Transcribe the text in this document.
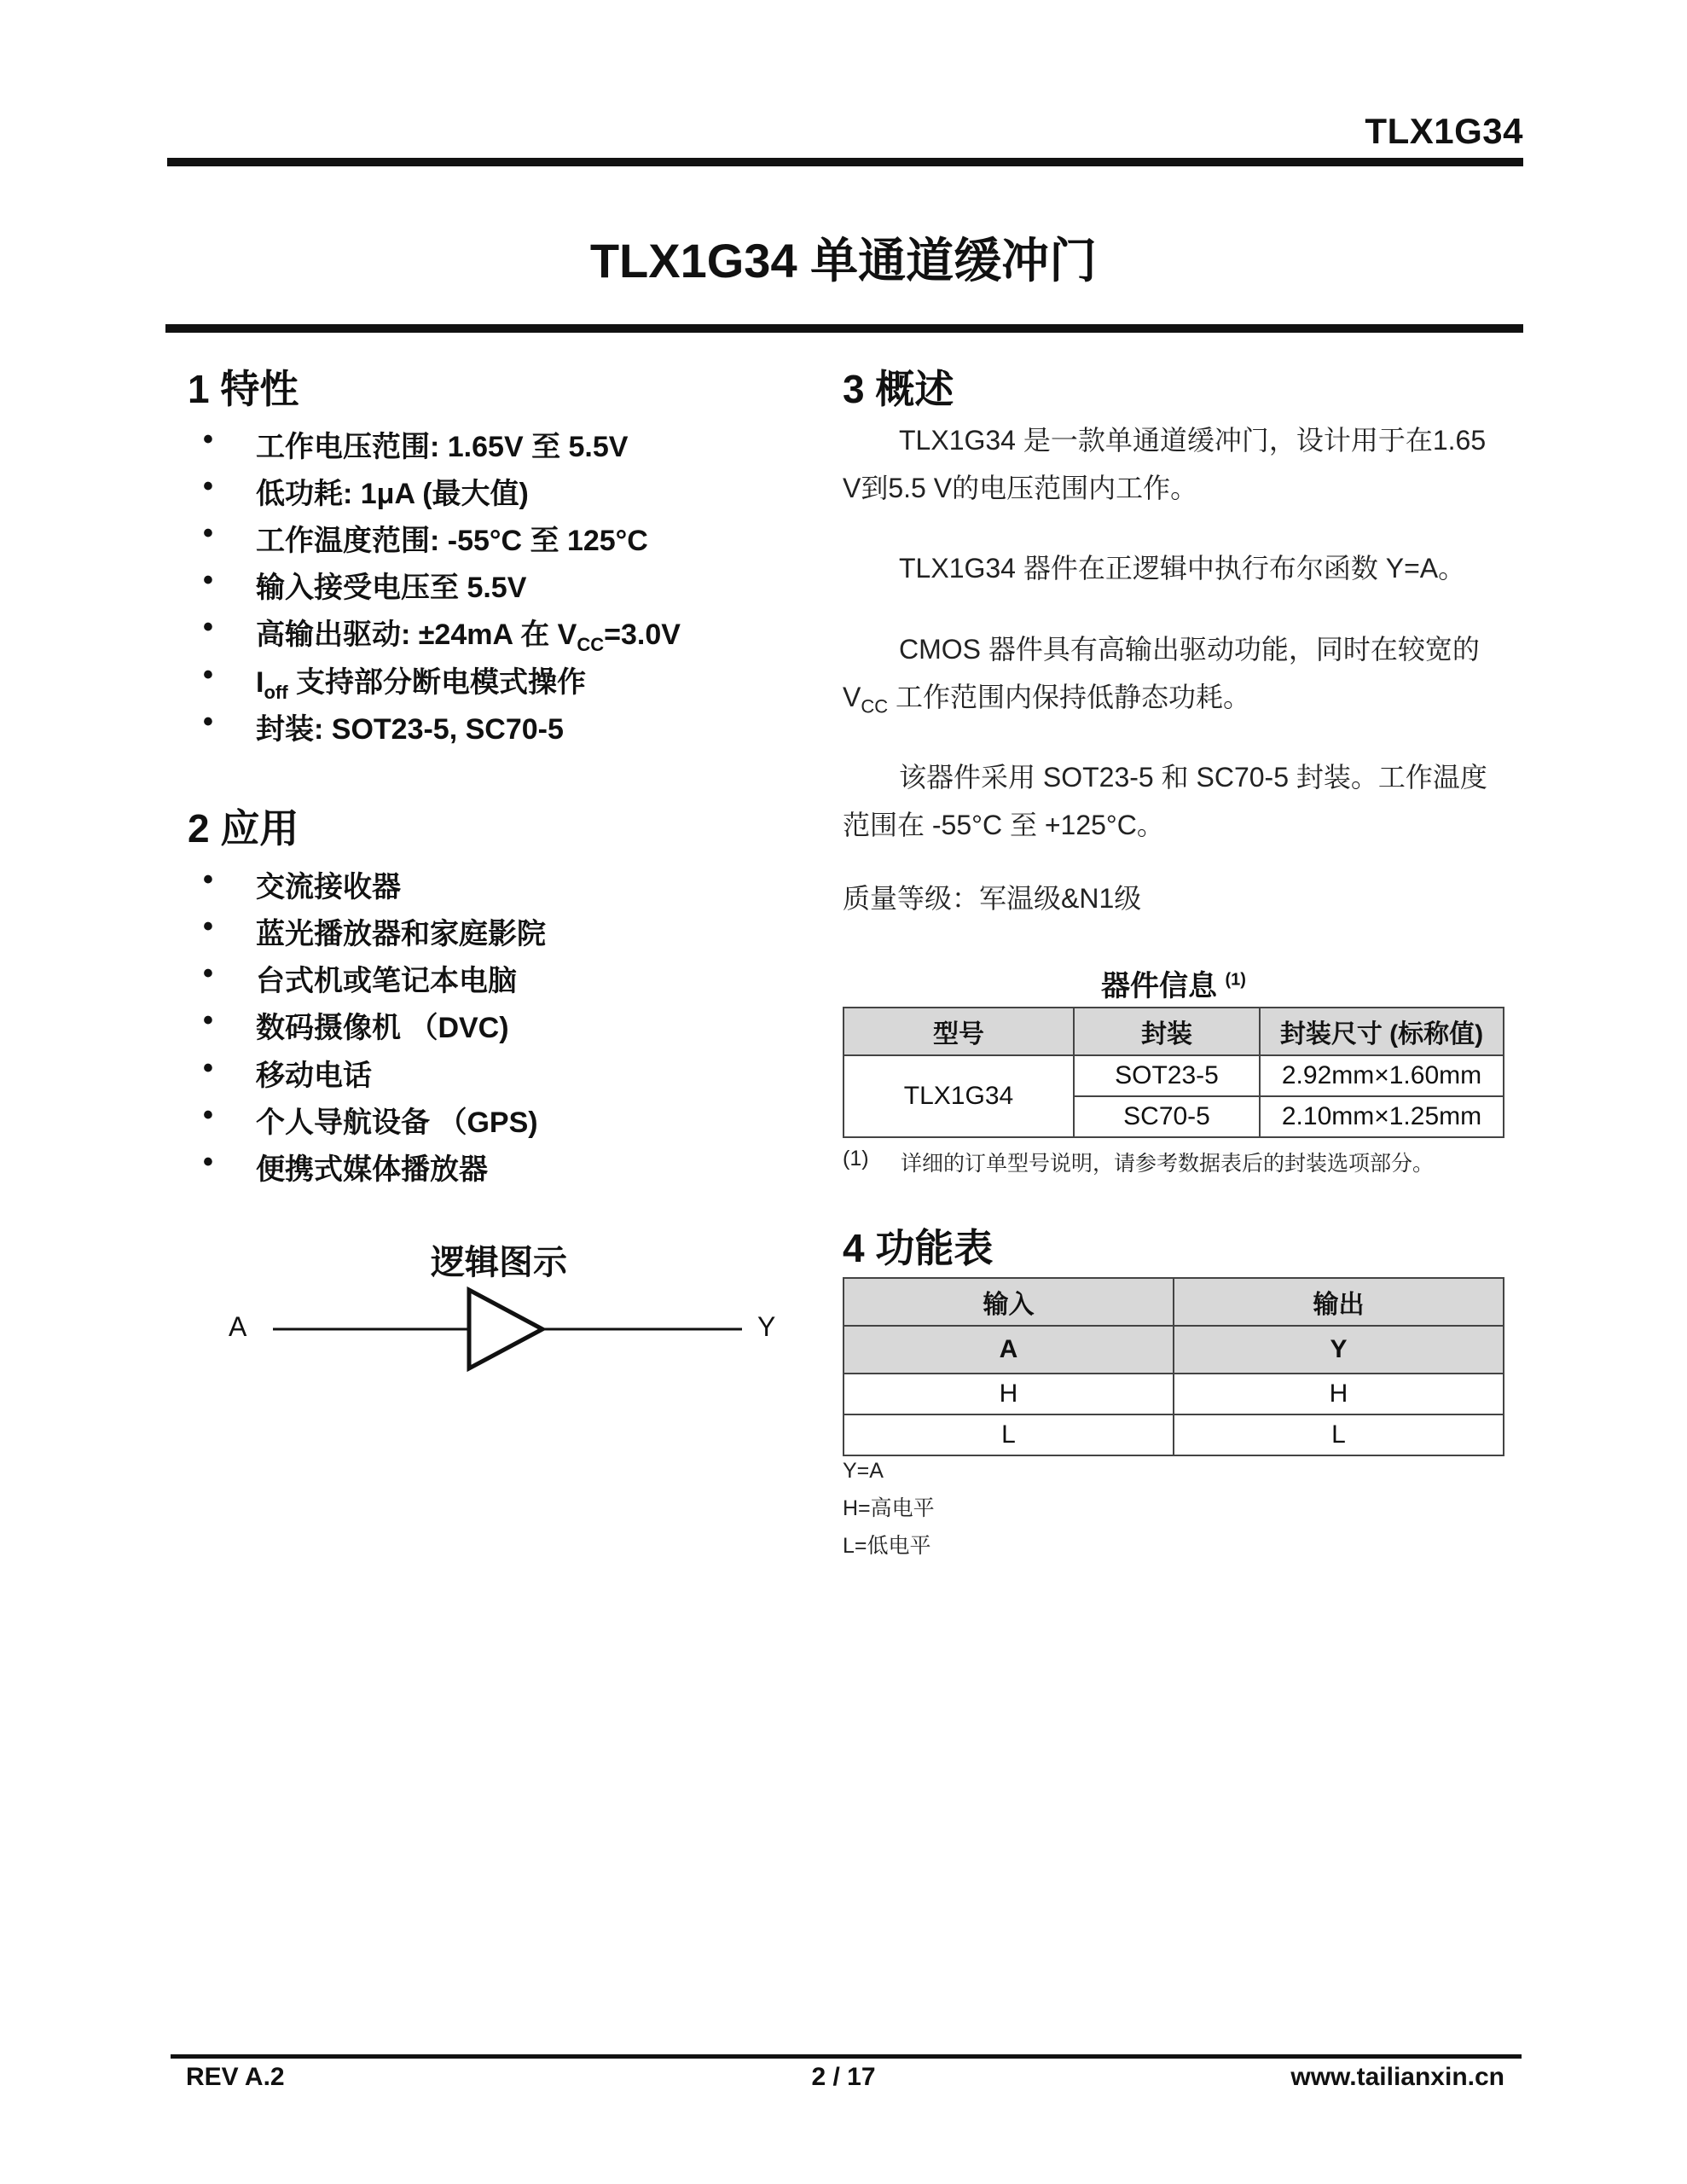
TLX1G34
TLX1G34 单通道缓冲门
1 特性
• 工作电压范围: 1.65V 至 5.5V
• 低功耗: 1μA (最大值)
• 工作温度范围: -55°C 至 125°C
• 输入接受电压至 5.5V
• 高输出驱动: ±24mA 在 $V_{CC}=3.0V$
• $I_{off}$ 支持部分断电模式操作
• 封装: SOT23-5, SC70-5
2 应用
• 交流接收器
• 蓝光播放器和家庭影院
• 台式机或笔记本电脑
• 数码摄像机 （DVC)
• 移动电话
• 个人导航设备 （GPS)
• 便携式媒体播放器
逻辑图示
A	Y
3 概述
TLX1G34 是一款单通道缓冲门，设计用于在1.65 V到5.5 V的电压范围内工作。
TLX1G34 器件在正逻辑中执行布尔函数 Y=A。
CMOS 器件具有高输出驱动功能，同时在较宽的 $V_{CC}$ 工作范围内保持低静态功耗。
该器件采用 SOT23-5 和 SC70-5 封装。工作温度范围在 -55°C 至 +125°C。
质量等级：军温级&N1级
器件信息 $^{(1)}$
型号	封装	封装尺寸 (标称值)
TLX1G34	SOT23-5	2.92mm×1.60mm
	SC70-5	2.10mm×1.25mm
(1) 详细的订单型号说明，请参考数据表后的封装选项部分。
4 功能表
输入	输出
A	Y
H	H
L	L
Y=A
H=高电平
L=低电平
REV A.2	2 / 17	www.tailianxin.cn
